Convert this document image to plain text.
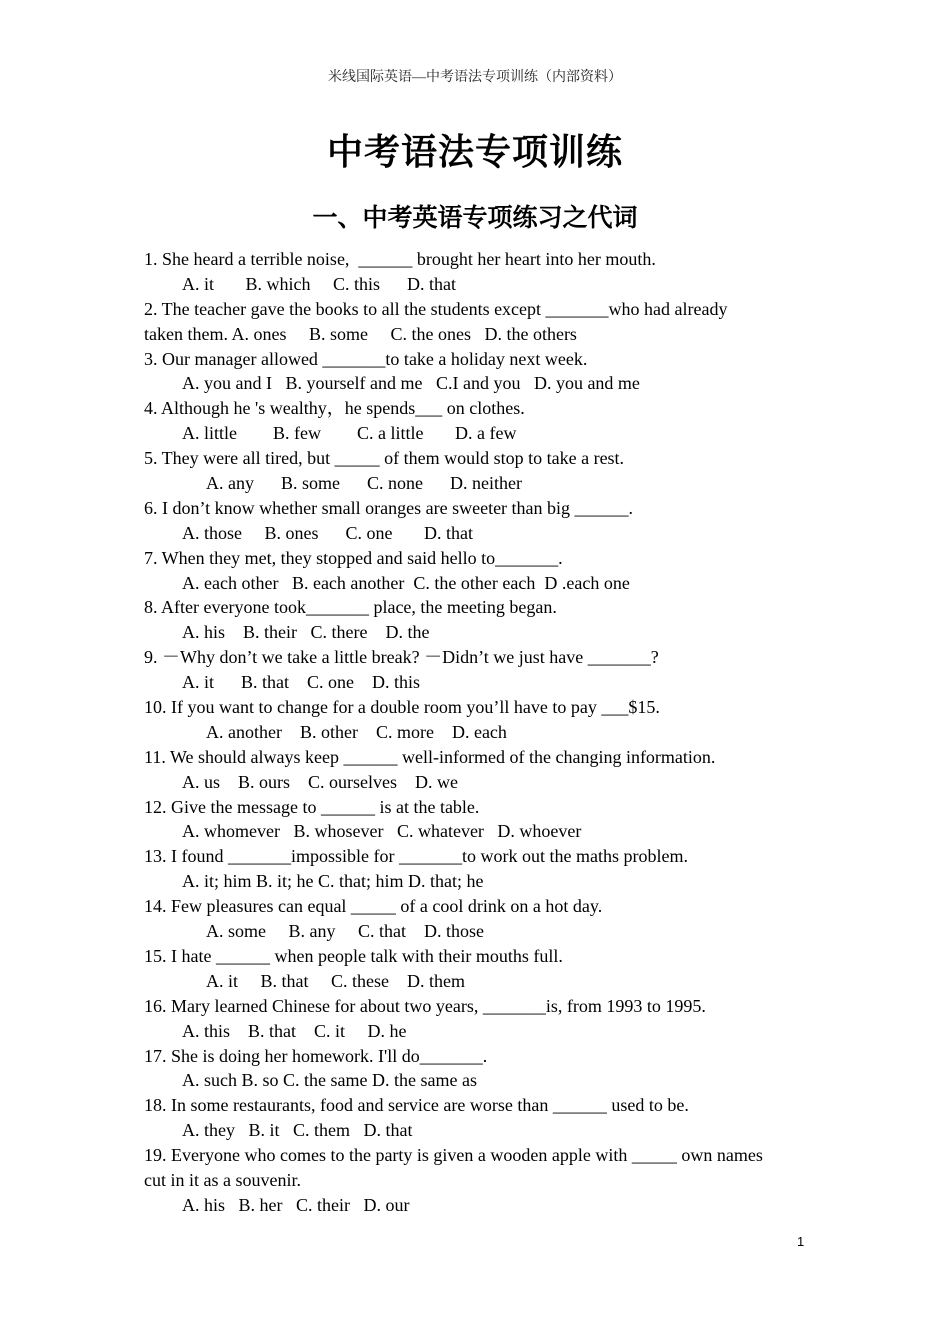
米线国际英语—中考语法专项训练（内部资料）
中考语法专项训练
一、中考英语专项练习之代词
1. She heard a terrible noise,  ______ brought her heart into her mouth.
A. it       B. which     C. this      D. that
2. The teacher gave the books to all the students except _______who had already
taken them. A. ones     B. some     C. the ones   D. the others
3. Our manager allowed _______to take a holiday next week.
A. you and I   B. yourself and me   C.I and you   D. you and me
4. Although he 's wealthy，he spends___ on clothes.
A. little        B. few        C. a little       D. a few
5. They were all tired, but _____ of them would stop to take a rest.
A. any      B. some      C. none      D. neither
6. I don’t know whether small oranges are sweeter than big ______.
A. those     B. ones      C. one       D. that
7. When they met, they stopped and said hello to_______.
A. each other   B. each another  C. the other each  D .each one
8. After everyone took_______ place, the meeting began.
A. his    B. their   C. there    D. the
9. －Why don’t we take a little break? －Didn’t we just have _______?
A. it      B. that    C. one    D. this
10. If you want to change for a double room you’ll have to pay ___$15.
A. another    B. other    C. more    D. each
11. We should always keep ______ well-informed of the changing information.
A. us    B. ours    C. ourselves    D. we
12. Give the message to ______ is at the table.
A. whomever   B. whosever   C. whatever   D. whoever
13. I found _______impossible for _______to work out the maths problem.
A. it; him B. it; he C. that; him D. that; he
14. Few pleasures can equal _____ of a cool drink on a hot day.
A. some     B. any     C. that    D. those
15. I hate ______ when people talk with their mouths full.
A. it     B. that     C. these    D. them
16. Mary learned Chinese for about two years, _______is, from 1993 to 1995.
A. this    B. that    C. it     D. he
17. She is doing her homework. I'll do_______.
A. such B. so C. the same D. the same as
18. In some restaurants, food and service are worse than ______ used to be.
A. they   B. it   C. them   D. that
19. Everyone who comes to the party is given a wooden apple with _____ own names
cut in it as a souvenir.
A. his   B. her   C. their   D. our
1
